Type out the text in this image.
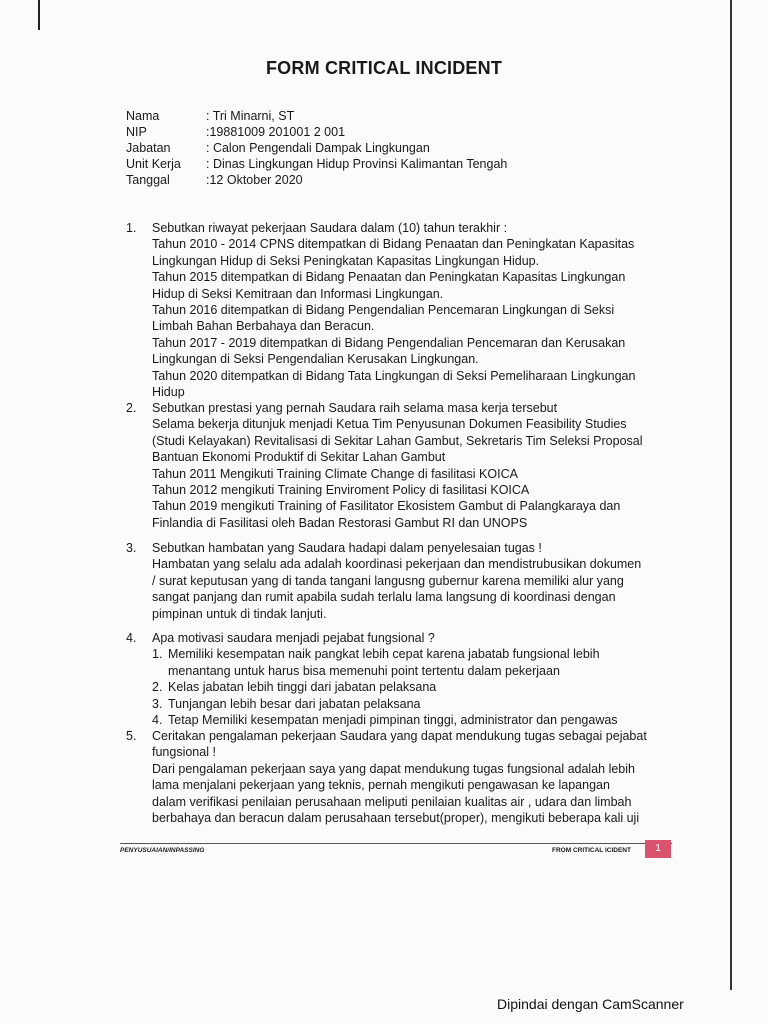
FORM CRITICAL INCIDENT
Nama	: Tri Minarni, ST
NIP	:19881009 201001 2 001
Jabatan	: Calon Pengendali Dampak Lingkungan
Unit Kerja	: Dinas Lingkungan Hidup Provinsi Kalimantan Tengah
Tanggal	:12 Oktober 2020
1.	Sebutkan riwayat pekerjaan Saudara dalam (10) tahun terakhir :
Tahun 2010 - 2014 CPNS ditempatkan di Bidang Penaatan dan Peningkatan Kapasitas
Lingkungan Hidup di Seksi Peningkatan Kapasitas Lingkungan Hidup.
Tahun 2015 ditempatkan di Bidang Penaatan dan Peningkatan Kapasitas Lingkungan
Hidup di Seksi Kemitraan dan Informasi Lingkungan.
Tahun 2016 ditempatkan di Bidang Pengendalian Pencemaran Lingkungan di Seksi
Limbah Bahan Berbahaya dan Beracun.
Tahun 2017 - 2019 ditempatkan di Bidang Pengendalian Pencemaran dan Kerusakan
Lingkungan di Seksi Pengendalian Kerusakan Lingkungan.
Tahun 2020 ditempatkan di Bidang Tata Lingkungan di Seksi Pemeliharaan Lingkungan
Hidup
2.	Sebutkan prestasi yang pernah Saudara raih selama masa kerja tersebut
Selama bekerja ditunjuk menjadi Ketua Tim Penyusunan Dokumen Feasibility Studies
(Studi Kelayakan) Revitalisasi di Sekitar Lahan Gambut, Sekretaris Tim Seleksi Proposal
Bantuan Ekonomi Produktif di Sekitar Lahan Gambut
Tahun 2011 Mengikuti Training Climate Change di fasilitasi KOICA
Tahun 2012 mengikuti Training Enviroment Policy di fasilitasi KOICA
Tahun 2019 mengikuti Training of Fasilitator Ekosistem Gambut di Palangkaraya dan
Finlandia di Fasilitasi oleh Badan Restorasi Gambut RI dan UNOPS
3.	Sebutkan hambatan yang Saudara hadapi dalam penyelesaian tugas !
Hambatan yang selalu ada adalah koordinasi pekerjaan dan mendistrubusikan dokumen
/ surat keputusan yang di tanda tangani langusng gubernur karena memiliki alur yang
sangat panjang dan rumit apabila sudah terlalu lama langsung di koordinasi dengan
pimpinan untuk di tindak lanjuti.
4.	Apa motivasi saudara menjadi pejabat fungsional ?
1. Memiliki kesempatan naik pangkat lebih cepat karena jabatab fungsional lebih
menantang untuk harus bisa memenuhi point tertentu dalam pekerjaan
2. Kelas jabatan lebih tinggi dari jabatan pelaksana
3. Tunjangan lebih besar dari jabatan pelaksana
4. Tetap Memiliki kesempatan menjadi pimpinan tinggi, administrator dan pengawas
5.	Ceritakan pengalaman pekerjaan Saudara yang dapat mendukung tugas sebagai pejabat
fungsional !
Dari pengalaman pekerjaan saya yang dapat mendukung tugas fungsional adalah lebih
lama menjalani pekerjaan yang teknis, pernah mengikuti pengawasan ke lapangan
dalam verifikasi penilaian perusahaan meliputi penilaian kualitas air , udara dan limbah
berbahaya dan beracun dalam perusahaan tersebut(proper), mengikuti beberapa kali uji
PENYUSUAIAN/INPASSING	FROM CRITICAL ICIDENT	1
Dipindai dengan CamScanner
